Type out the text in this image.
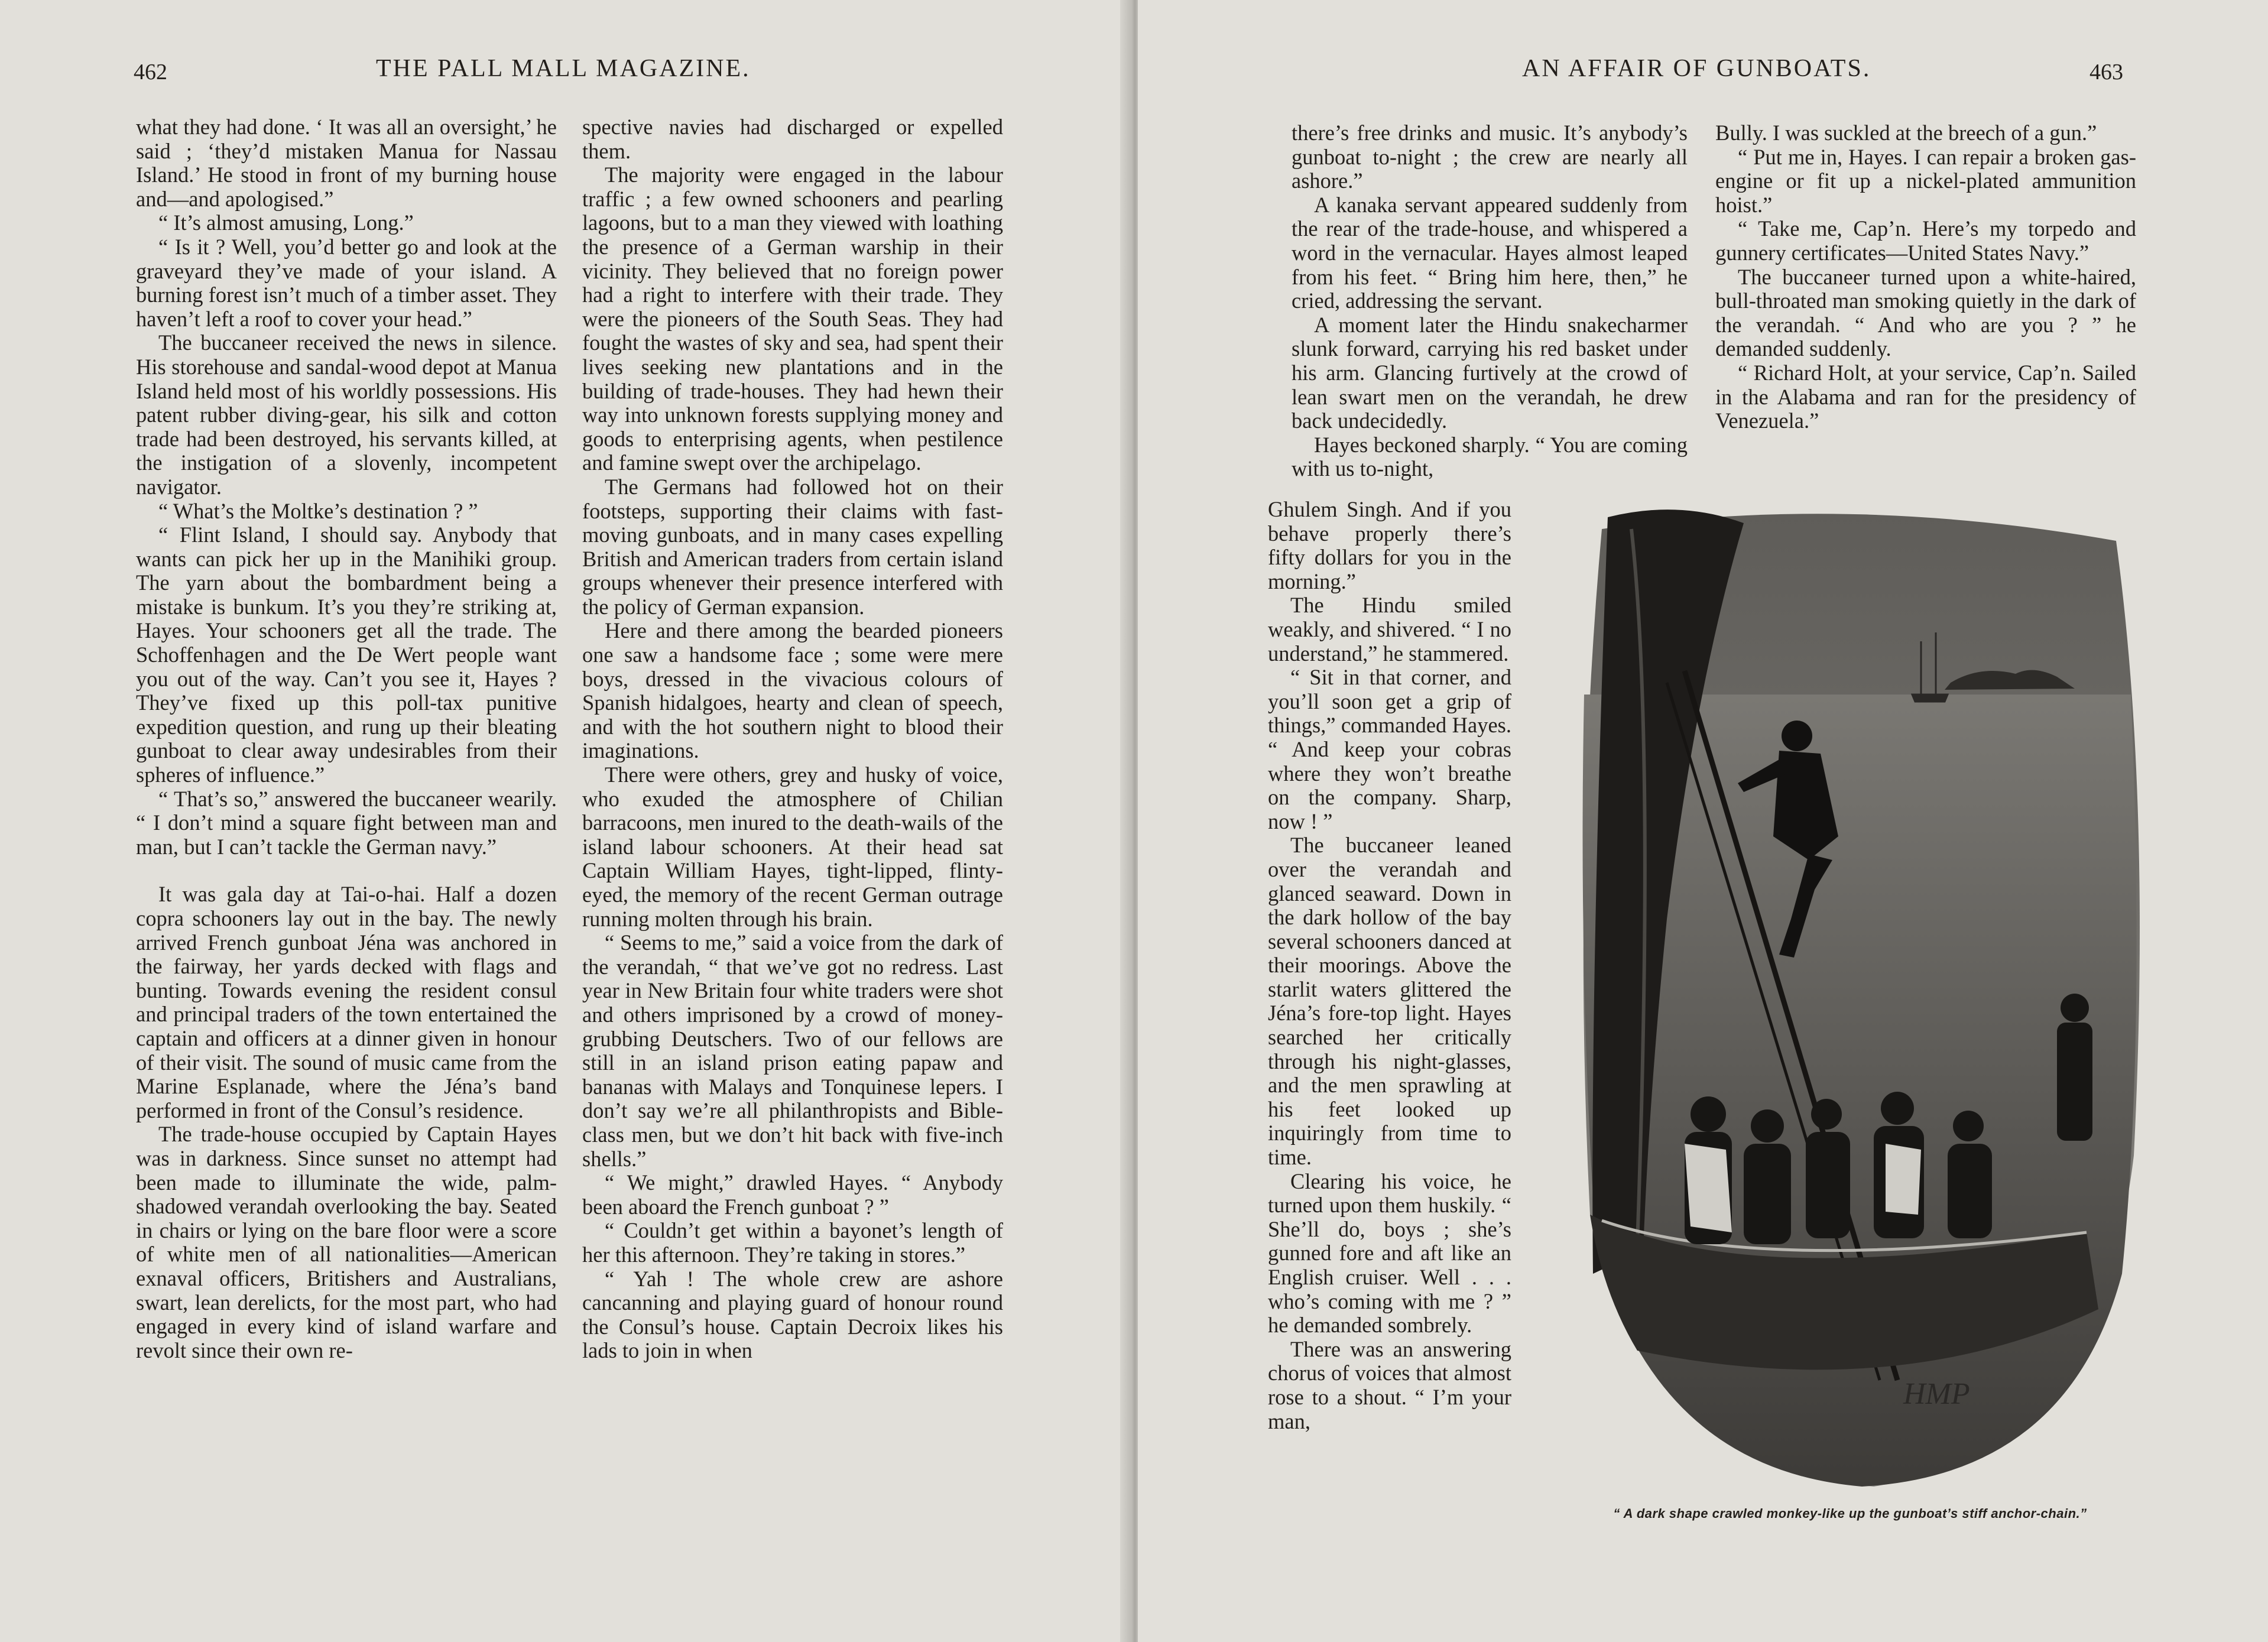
462	THE PALL MALL MAGAZINE.

what they had done. ‘ It was all an oversight,’ he said ; ‘they’d mistaken Manua for Nassau Island.’ He stood in front of my burning house and—and apologised.”

“ It’s almost amusing, Long.”

“ Is it ? Well, you’d better go and look at the graveyard they’ve made of your island. A burning forest isn’t much of a timber asset. They haven’t left a roof to cover your head.”

The buccaneer received the news in silence. His storehouse and sandal-wood depot at Manua Island held most of his worldly possessions. His patent rubber diving-gear, his silk and cotton trade had been destroyed, his servants killed, at the instigation of a slovenly, incompetent navigator.

“ What’s the Moltke’s destination ? ”

“ Flint Island, I should say. Anybody that wants can pick her up in the Manihiki group. The yarn about the bombardment being a mistake is bunkum. It’s you they’re striking at, Hayes. Your schooners get all the trade. The Schoffenhagen and the De Wert people want you out of the way. Can’t you see it, Hayes ? They’ve fixed up this poll-tax punitive expedition question, and rung up their bleating gunboat to clear away undesirables from their spheres of influence.”

“ That’s so,” answered the buccaneer wearily. “ I don’t mind a square fight between man and man, but I can’t tackle the German navy.”

It was gala day at Tai-o-hai. Half a dozen copra schooners lay out in the bay. The newly arrived French gunboat Jéna was anchored in the fairway, her yards decked with flags and bunting. Towards evening the resident consul and principal traders of the town entertained the captain and officers at a dinner given in honour of their visit. The sound of music came from the Marine Esplanade, where the Jéna’s band performed in front of the Consul’s residence.

The trade-house occupied by Captain Hayes was in darkness. Since sunset no attempt had been made to illuminate the wide, palm-shadowed verandah overlooking the bay. Seated in chairs or lying on the bare floor were a score of white men of all nationalities—American exnaval officers, Britishers and Australians, swart, lean derelicts, for the most part, who had engaged in every kind of island warfare and revolt since their own re-

spective navies had discharged or expelled them.

The majority were engaged in the labour traffic ; a few owned schooners and pearling lagoons, but to a man they viewed with loathing the presence of a German warship in their vicinity. They believed that no foreign power had a right to interfere with their trade. They were the pioneers of the South Seas. They had fought the wastes of sky and sea, had spent their lives seeking new plantations and in the building of trade-houses. They had hewn their way into unknown forests supplying money and goods to enterprising agents, when pestilence and famine swept over the archipelago.

The Germans had followed hot on their footsteps, supporting their claims with fast-moving gunboats, and in many cases expelling British and American traders from certain island groups whenever their presence interfered with the policy of German expansion.

Here and there among the bearded pioneers one saw a handsome face ; some were mere boys, dressed in the vivacious colours of Spanish hidalgoes, hearty and clean of speech, and with the hot southern night to blood their imaginations.

There were others, grey and husky of voice, who exuded the atmosphere of Chilian barracoons, men inured to the death-wails of the island labour schooners. At their head sat Captain William Hayes, tight-lipped, flinty-eyed, the memory of the recent German outrage running molten through his brain.

“ Seems to me,” said a voice from the dark of the verandah, “ that we’ve got no redress. Last year in New Britain four white traders were shot and others imprisoned by a crowd of money-grubbing Deutschers. Two of our fellows are still in an island prison eating papaw and bananas with Malays and Tonquinese lepers. I don’t say we’re all philanthropists and Bible-class men, but we don’t hit back with five-inch shells.”

“ We might,” drawled Hayes. “ Anybody been aboard the French gunboat ? ”

“ Couldn’t get within a bayonet’s length of her this afternoon. They’re taking in stores.”

“ Yah ! The whole crew are ashore cancanning and playing guard of honour round the Consul’s house. Captain Decroix likes his lads to join in when

AN AFFAIR OF GUNBOATS.	463

there’s free drinks and music. It’s anybody’s gunboat to-night ; the crew are nearly all ashore.”

A kanaka servant appeared suddenly from the rear of the trade-house, and whispered a word in the vernacular. Hayes almost leaped from his feet. “ Bring him here, then,” he cried, addressing the servant.

A moment later the Hindu snakecharmer slunk forward, carrying his red basket under his arm. Glancing furtively at the crowd of lean swart men on the verandah, he drew back undecidedly.

Hayes beckoned sharply. “ You are coming with us to-night,

Ghulem Singh. And if you behave properly there’s fifty dollars for you in the morning.”

The Hindu smiled weakly, and shivered. “ I no understand,” he stammered.

“ Sit in that corner, and you’ll soon get a grip of things,” commanded Hayes. “ And keep your cobras where they won’t breathe on the company. Sharp, now ! ”

The buccaneer leaned over the verandah and glanced seaward. Down in the dark hollow of the bay several schooners danced at their moorings. Above the starlit waters glittered the Jéna’s fore-top light. Hayes searched her critically through his night-glasses, and the men sprawling at his feet looked up inquiringly from time to time.

Clearing his voice, he turned upon them huskily. “ She’ll do, boys ; she’s gunned fore and aft like an English cruiser. Well . . . who’s coming with me ? ” he demanded sombrely.

There was an answering chorus of voices that almost rose to a shout. “ I’m your man,

Bully. I was suckled at the breech of a gun.”

“ Put me in, Hayes. I can repair a broken gas-engine or fit up a nickel-plated ammunition hoist.”

“ Take me, Cap’n. Here’s my torpedo and gunnery certificates—United States Navy.”

The buccaneer turned upon a white-haired, bull-throated man smoking quietly in the dark of the verandah. “ And who are you ? ” he demanded suddenly.

“ Richard Holt, at your service, Cap’n. Sailed in the Alabama and ran for the presidency of Venezuela.”

HMP
“ A dark shape crawled monkey-like up the gunboat’s stiff anchor-chain.”
